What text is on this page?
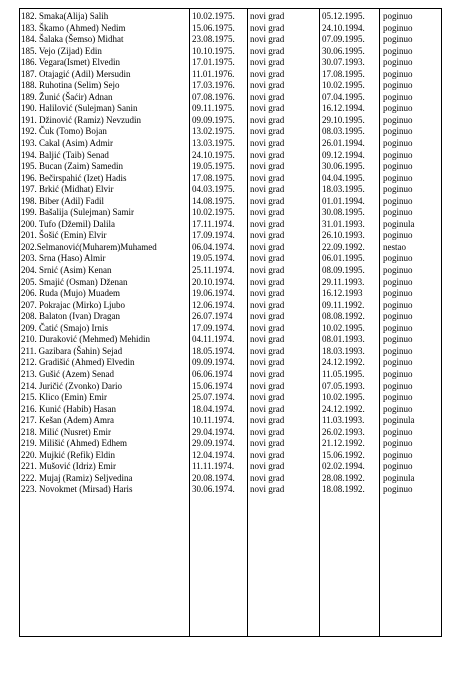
182. Smaka(Alija) Salih	10.02.1975.	novi grad	05.12.1995.	poginuo
183. Škamo (Ahmed) Nedim	15.06.1975.	novi grad	24.10.1994.	poginuo
184. Šalaka (Šemso) Midhat	23.08.1975.	novi grad	07.09.1995.	poginuo
185. Vejo (Zijad) Edin	10.10.1975.	novi grad	30.06.1995.	poginuo
186. Vegara(Ismet) Elvedin	17.01.1975.	novi grad	30.07.1993.	poginuo
187. Otajagić (Adil) Mersudin	11.01.1976.	novi grad	17.08.1995.	poginuo
188. Ruhotina (Selim) Sejo	17.03.1976.	novi grad	10.02.1995.	poginuo
189. Žunić (Šaćir) Adnan	07.08.1976.	novi grad	07.04.1995.	poginuo
190. Halilović (Sulejman) Sanin	09.11.1975.	novi grad	16.12.1994.	poginuo
191. Džinović (Ramiz) Nevzudin	09.09.1975.	novi grad	29.10.1995.	poginuo
192. Čuk (Tomo) Bojan	13.02.1975.	novi grad	08.03.1995.	poginuo
193. Cakal (Asim) Admir	13.03.1975.	novi grad	26.01.1994.	poginuo
194. Baljić (Taib) Senad	24.10.1975.	novi grad	09.12.1994.	poginuo
195. Bucan (Zaim) Samedin	19.05.1975.	novi grad	30.06.1995.	poginuo
196. Bečirspahić (Izet) Hadis	17.08.1975.	novi grad	04.04.1995.	poginuo
197. Brkić (Midhat) Elvir	04.03.1975.	novi grad	18.03.1995.	poginuo
198. Biber (Adil) Fadil	14.08.1975.	novi grad	01.01.1994.	poginuo
199. Bašalija (Sulejman) Samir	10.02.1975.	novi grad	30.08.1995.	poginuo
200. Tufo (Džemil) Dalila	17.11.1974.	novi grad	31.01.1993.	poginula
201. Šošić (Emin) Elvir	17.09.1974.	novi grad	26.10.1993.	poginuo
202.Selmanović(Muharem)Muhamed	06.04.1974.	novi grad	22.09.1992.	nestao
203. Srna (Haso) Almir	19.05.1974.	novi grad	06.01.1995.	poginuo
204. Srnić (Asim) Kenan	25.11.1974.	novi grad	08.09.1995.	poginuo
205. Smajić (Osman) Dženan	20.10.1974.	novi grad	29.11.1993.	poginuo
206. Ruda (Mujo) Muadem	19.06.1974.	novi grad	16.12.1993	poginuo
207. Pokrajac (Mirko) Ljubo	12.06.1974.	novi grad	09.11.1992.	poginuo
208. Balaton (Ivan) Dragan	26.07.1974	novi grad	08.08.1992.	poginuo
209. Čatić (Smajo) Irnis	17.09.1974.	novi grad	10.02.1995.	poginuo
210. Duraković (Mehmed) Mehidin	04.11.1974.	novi grad	08.01.1993.	poginuo
211. Gazibara (Šahin) Sejad	18.05.1974.	novi grad	18.03.1993.	poginuo
212. Gradišić (Ahmed) Elvedin	09.09.1974.	novi grad	24.12.1992.	poginuo
213. Gušić (Azem) Senad	06.06.1974	novi grad	11.05.1995.	poginuo
214. Juričić (Zvonko) Dario	15.06.1974	novi grad	07.05.1993.	poginuo
215. Klico (Emin) Emir	25.07.1974.	novi grad	10.02.1995.	poginuo
216. Kunić (Habib) Hasan	18.04.1974.	novi grad	24.12.1992.	poginuo
217. Kešan (Adem) Amra	10.11.1974.	novi grad	11.03.1993.	poginula
218. Milić (Nusret) Emir	29.04.1974.	novi grad	26.02.1993.	poginuo
219. Milišić (Ahmed) Edhem	29.09.1974.	novi grad	21.12.1992.	poginuo
220. Mujkić (Refik) Eldin	12.04.1974.	novi grad	15.06.1992.	poginuo
221. Mušović (Idriz) Emir	11.11.1974.	novi grad	02.02.1994.	poginuo
222. Mujaj (Ramiz) Seljvedina	20.08.1974.	novi grad	28.08.1992.	poginula
223. Novokmet (Mirsad) Haris	30.06.1974.	novi grad	18.08.1992.	poginuo
